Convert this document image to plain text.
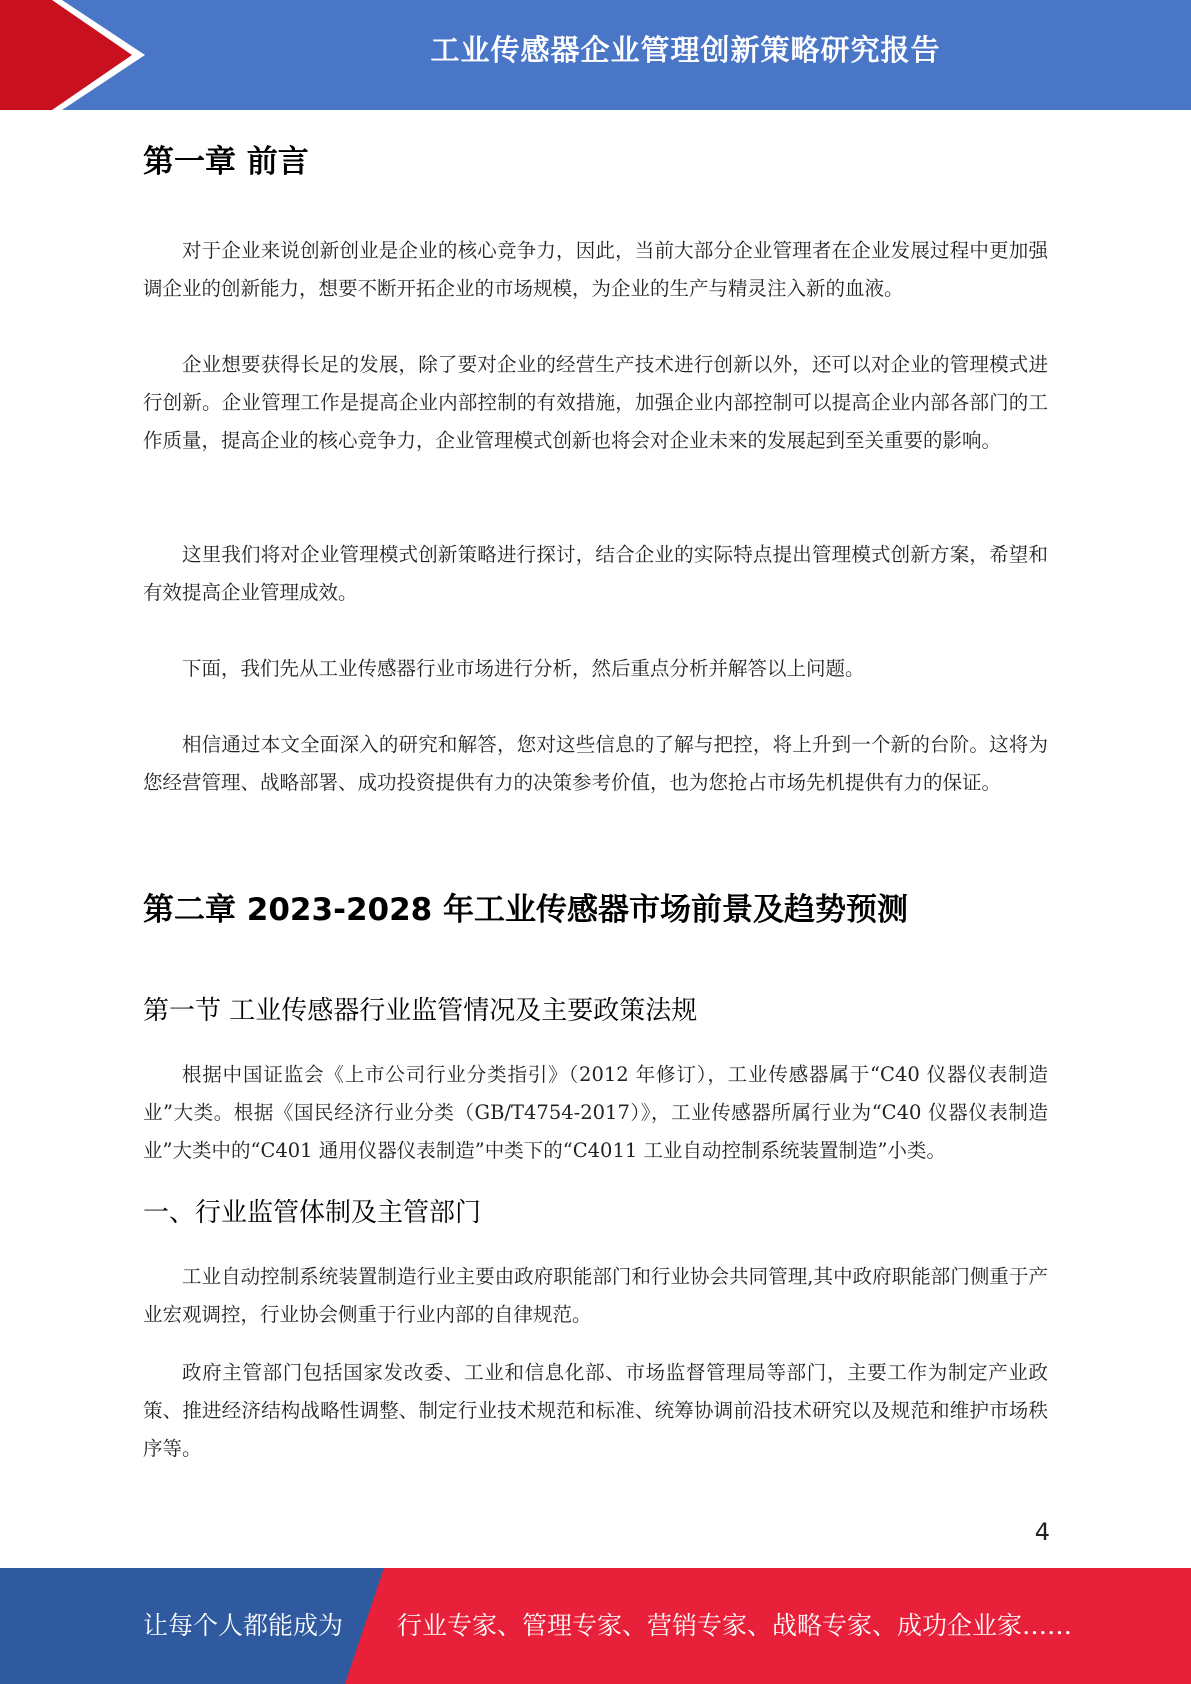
工业传感器企业管理创新策略研究报告
第一章 前言

对于企业来说创新创业是企业的核心竞争力，因此，当前大部分企业管理者在企业发展过程中更加强调企业的创新能力，想要不断开拓企业的市场规模，为企业的生产与精灵注入新的血液。

企业想要获得长足的发展，除了要对企业的经营生产技术进行创新以外，还可以对企业的管理模式进行创新。企业管理工作是提高企业内部控制的有效措施，加强企业内部控制可以提高企业内部各部门的工作质量，提高企业的核心竞争力，企业管理模式创新也将会对企业未来的发展起到至关重要的影响。

这里我们将对企业管理模式创新策略进行探讨，结合企业的实际特点提出管理模式创新方案，希望和有效提高企业管理成效。

下面，我们先从工业传感器行业市场进行分析，然后重点分析并解答以上问题。

相信通过本文全面深入的研究和解答，您对这些信息的了解与把控，将上升到一个新的台阶。这将为您经营管理、战略部署、成功投资提供有力的决策参考价值，也为您抢占市场先机提供有力的保证。

第二章 2023-2028 年工业传感器市场前景及趋势预测
第一节 工业传感器行业监管情况及主要政策法规

根据中国证监会《上市公司行业分类指引》（2012 年修订），工业传感器属于“C40 仪器仪表制造业”大类。根据《国民经济行业分类（GB/T4754-2017）》，工业传感器所属行业为“C40 仪器仪表制造业”大类中的“C401 通用仪器仪表制造”中类下的“C4011 工业自动控制系统装置制造”小类。

一、行业监管体制及主管部门

工业自动控制系统装置制造行业主要由政府职能部门和行业协会共同管理,其中政府职能部门侧重于产业宏观调控，行业协会侧重于行业内部的自律规范。

政府主管部门包括国家发改委、工业和信息化部、市场监督管理局等部门，主要工作为制定产业政策、推进经济结构战略性调整、制定行业技术规范和标准、统筹协调前沿技术研究以及规范和维护市场秩序等。

4
让每个人都能成为 行业专家、管理专家、营销专家、战略专家、成功企业家……
